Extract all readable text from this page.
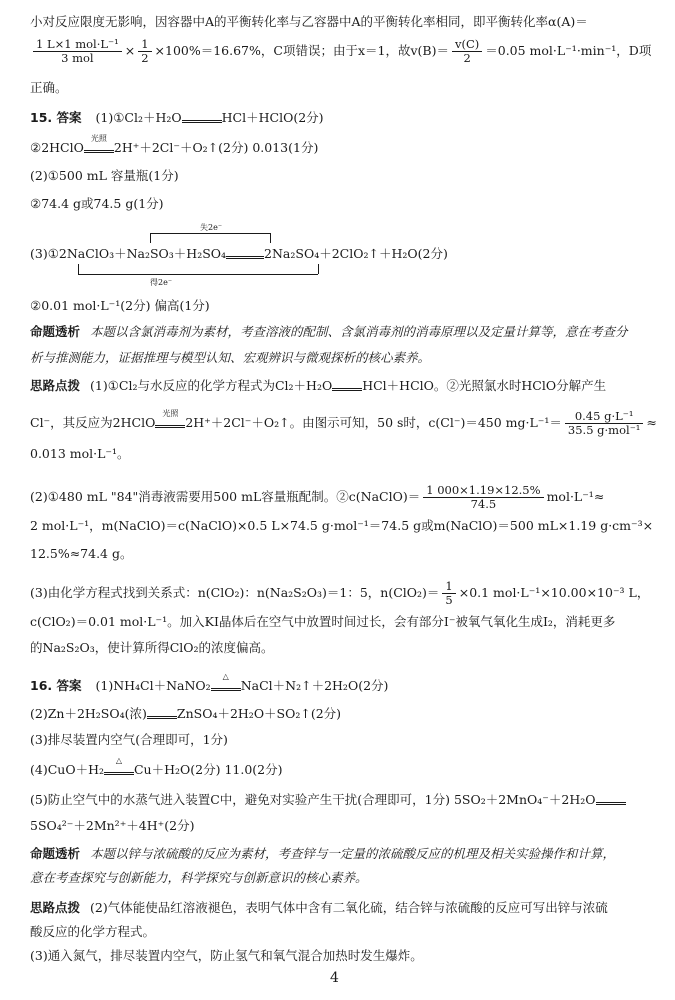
小对反应限度无影响，因容器中A的平衡转化率与乙容器中A的平衡转化率相同，即平衡转化率α(A)＝
$\frac{\text{1 L×1 mol·L⁻¹}}{\text{3 mol}} \times \frac{1}{2} \times 100\%=16.67\%$，C项错误；由于x＝1，故$v(B)= \frac{v(C)}{2} =0.05$ mol·L⁻¹·min⁻¹，D项
正确。
15. 答案 (1)①Cl₂＋H₂O	HCl＋HClO(2分)
②2HClO
光照
2H⁺＋2Cl⁻＋O₂↑(2分) 0.013(1分)
(2)①500 mL 容量瓶(1分)
②74.4 g或74.5 g(1分)
失2e⁻
(3)①2NaClO₃＋Na₂SO₃＋H₂SO₄	2Na₂SO₄＋2ClO₂↑＋H₂O(2分)
得2e⁻
②0.01 mol·L⁻¹(2分) 偏高(1分)
命题透析 本题以含氯消毒剂为素材，考查溶液的配制、含氯消毒剂的消毒原理以及定量计算等，意在考查分
析与推测能力，证据推理与模型认知、宏观辨识与微观探析的核心素养。
思路点拨 (1)①Cl₂与水反应的化学方程式为Cl₂＋H₂O HCl＋HClO。②光照氯水时HClO分解产生
Cl⁻，其反应为2HClO
光照
2H⁺＋2Cl⁻＋O₂↑。由图示可知，50 s时，c(Cl⁻)＝450 $mg\cdot L^{-1}= \frac{\text{0.45 g·L⁻¹}}{\text{35.5 g·mol⁻¹}}$ ≈
0.013 mol·L⁻¹。
(2)①480 mL "84"消毒液需要用500 mL容量瓶配制。②c(NaClO)＝ $\frac{1 000\times 1.19\times 12.5\%}{74.5} mol\cdot L^{-1}\approx$
2 mol·L⁻¹，m(NaClO)＝c(NaClO)×0.5 L×74.5 g·mol⁻¹＝74.5 g或m(NaClO)＝500 mL×1.19 g·cm⁻³×
12.5%≈74.4 g。
(3)由化学方程式找到关系式：n(ClO₂)：n(Na₂S₂O₃)＝1：5，$n(ClO_2)= \frac{1}{5} \times 0.1$ mol·L⁻¹×10.00×10⁻³ L，
c(ClO₂)＝0.01 mol·L⁻¹。加入KI晶体后在空气中放置时间过长，会有部分I⁻被氧气氧化生成I₂，消耗更多
的Na₂S₂O₃，使计算所得ClO₂的浓度偏高。
16. 答案 (1)NH₄Cl＋NaNO₂
△
NaCl＋N₂↑＋2H₂O(2分)
(2)Zn＋2H₂SO₄(浓) ZnSO₄＋2H₂O＋SO₂↑(2分)
(3)排尽装置内空气(合理即可，1分)
(4)CuO＋H₂
△
Cu＋H₂O(2分) 11.0(2分)
(5)防止空气中的水蒸气进入装置C中，避免对实验产生干扰(合理即可，1分) 5SO₂＋2MnO₄⁻＋2H₂O
5SO₄²⁻＋2Mn²⁺＋4H⁺(2分)
命题透析 本题以锌与浓硫酸的反应为素材，考查锌与一定量的浓硫酸反应的机理及相关实验操作和计算，
意在考查探究与创新能力，科学探究与创新意识的核心素养。
思路点拨 (2)气体能使品红溶液褪色，表明气体中含有二氧化硫，结合锌与浓硫酸的反应可写出锌与浓硫
酸反应的化学方程式。
(3)通入氮气，排尽装置内空气，防止氢气和氧气混合加热时发生爆炸。
4
